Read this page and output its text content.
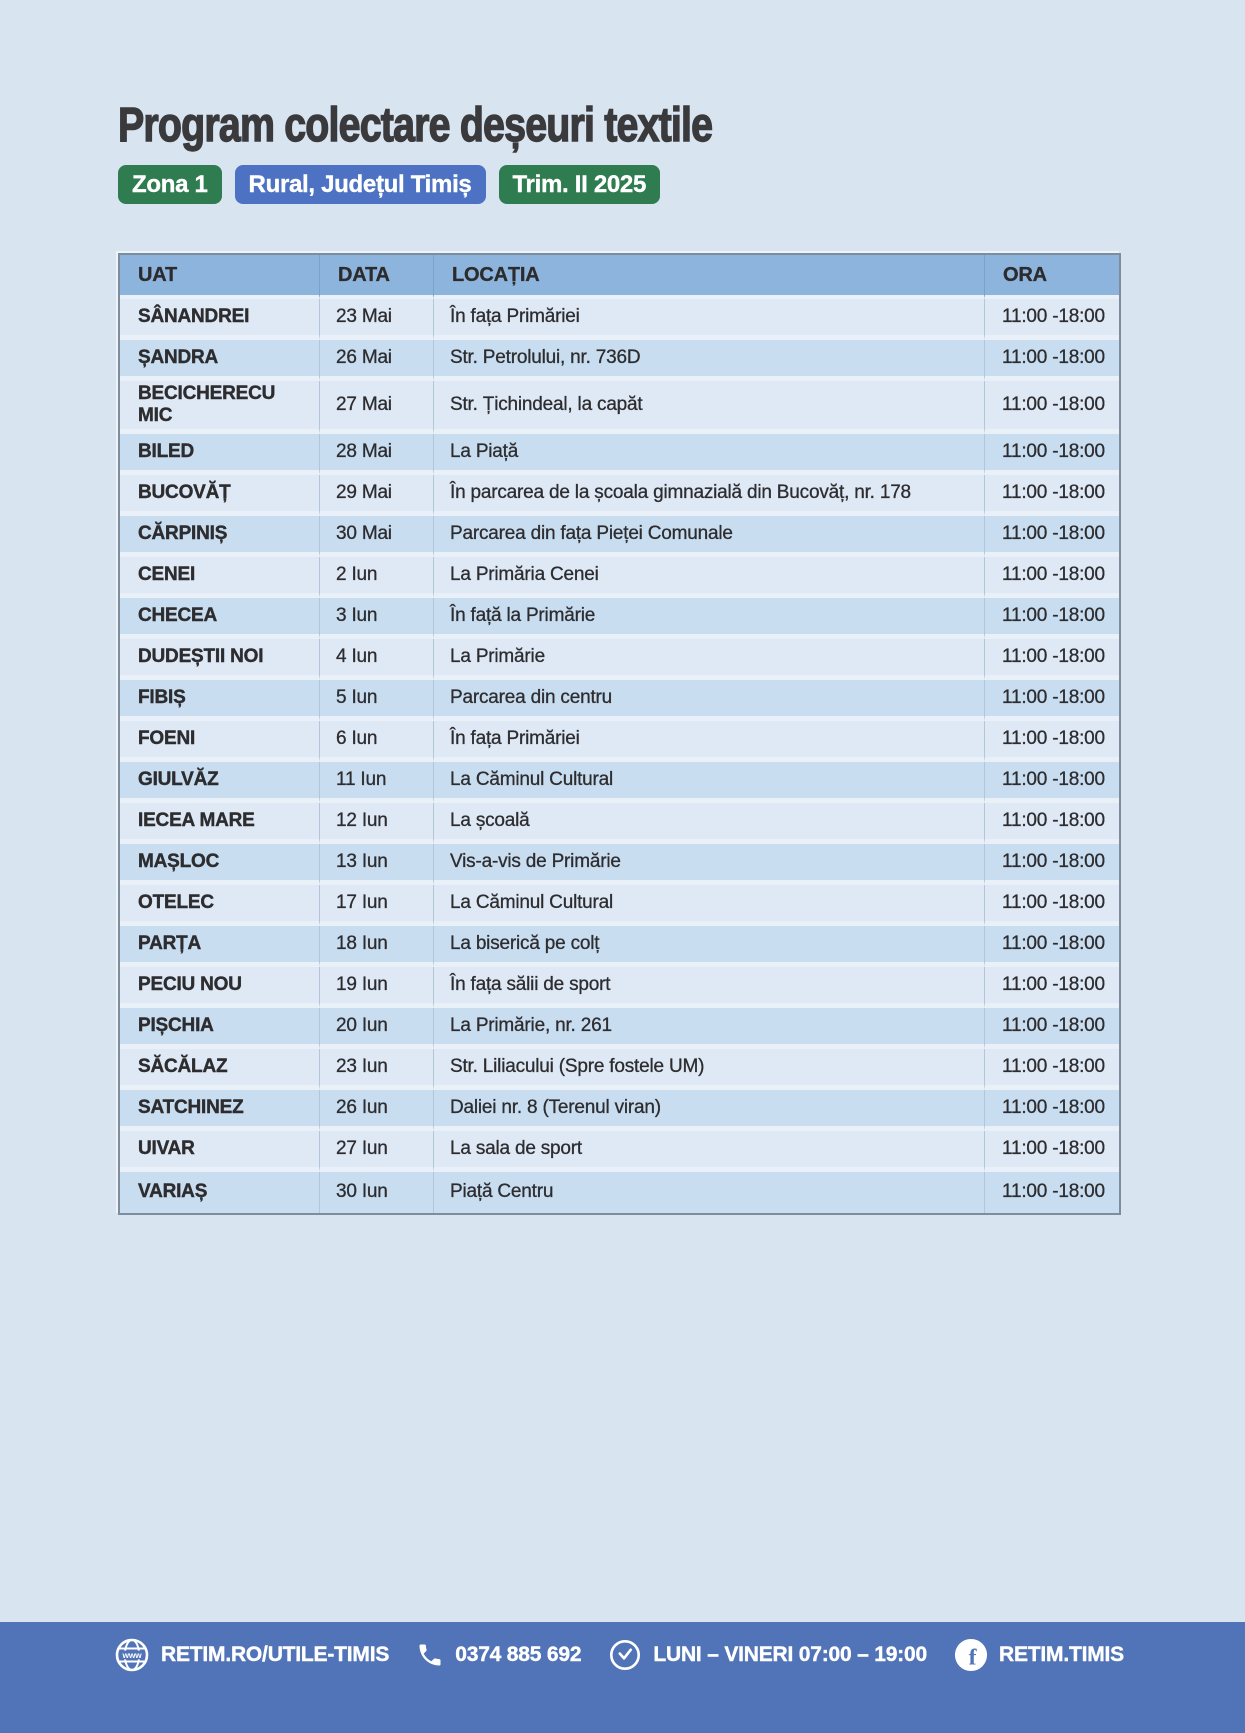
Program colectare deșeuri textile
Zona 1	Rural, Județul Timiș	Trim. II 2025
UAT	DATA	LOCAȚIA	ORA
SÂNANDREI	23 Mai	În fața Primăriei	11:00 -18:00
ȘANDRA	26 Mai	Str. Petrolului, nr. 736D	11:00 -18:00
BECICHERECU MIC	27 Mai	Str. Țichindeal, la capăt	11:00 -18:00
BILED	28 Mai	La Piață	11:00 -18:00
BUCOVĂȚ	29 Mai	În parcarea de la școala gimnazială din Bucovăț, nr. 178	11:00 -18:00
CĂRPINIȘ	30 Mai	Parcarea din fața Pieței Comunale	11:00 -18:00
CENEI	2 Iun	La Primăria Cenei	11:00 -18:00
CHECEA	3 Iun	În față la Primărie	11:00 -18:00
DUDEȘTII NOI	4 Iun	La Primărie	11:00 -18:00
FIBIȘ	5 Iun	Parcarea din centru	11:00 -18:00
FOENI	6 Iun	În fața Primăriei	11:00 -18:00
GIULVĂZ	11 Iun	La Căminul Cultural	11:00 -18:00
IECEA MARE	12 Iun	La școală	11:00 -18:00
MAȘLOC	13 Iun	Vis-a-vis de Primărie	11:00 -18:00
OTELEC	17 Iun	La Căminul Cultural	11:00 -18:00
PARȚA	18 Iun	La biserică pe colț	11:00 -18:00
PECIU NOU	19 Iun	În fața sălii de sport	11:00 -18:00
PIȘCHIA	20 Iun	La Primărie, nr. 261	11:00 -18:00
SĂCĂLAZ	23 Iun	Str. Liliacului (Spre fostele UM)	11:00 -18:00
SATCHINEZ	26 Iun	Daliei nr. 8 (Terenul viran)	11:00 -18:00
UIVAR	27 Iun	La sala de sport	11:00 -18:00
VARIAȘ	30 Iun	Piață Centru	11:00 -18:00
www RETIM.RO/UTILE-TIMIS	0374 885 692	LUNI – VINERI 07:00 – 19:00 f RETIM.TIMIS
